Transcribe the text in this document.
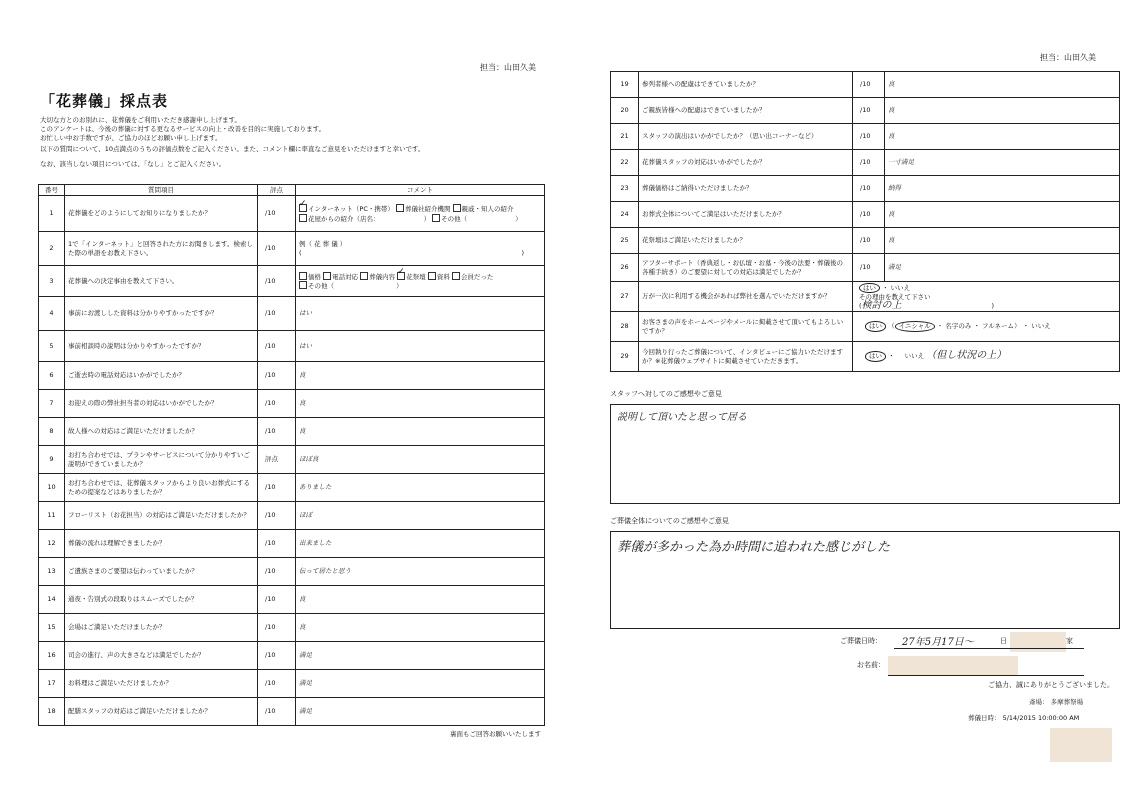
担当：山田久美
「花葬儀」採点表
大切な方とのお別れに、花葬儀をご利用いただき感謝申し上げます。
このアンケートは、今後の葬儀に対する更なるサービスの向上・改善を目的に実施しております。
お忙しい中お手数ですが、ご協力のほどお願い申し上げます。
以下の質問について、10点満点のうちの評価点数をご記入ください。また、コメント欄に率直なご意見をいただけますと幸いです。
なお、該当しない項目については、「なし」とご記入ください。
番号	質問項目	評点	コメント
1	花葬儀をどのようにしてお知りになりましたか？	/10	✓ インターネット（PC・携帯） 葬儀社紹介機関 親戚・知人の紹介
花屋からの紹介（店名： ） その他（ ）
2	1で「インターネット」と回答された方にお聞きします。検索した際の単語をお教え下さい。	/10	例（ 花 葬 儀 ）
( )
3	花葬儀への決定事由を教えて下さい。	/10	価格 電話対応 葬儀内容 ✓ 花祭壇 資料 会員だった
その他（ ）
4	事前にお渡しした資料は分かりやすかったですか？	/10	はい
5	事前相談時の説明は分かりやすかったですか？	/10	はい
6	ご逝去時の電話対応はいかがでしたか？	/10	良
7	お迎えの際の弊社担当者の対応はいかがでしたか？	/10	良
8	故人様への対応はご満足いただけましたか？	/10	良
9	お打ち合わせでは、プランやサービスについて分かりやすいご説明ができていましたか？	評点	ほぼ良
10	お打ち合わせでは、花葬儀スタッフからより良いお葬式にするための提案などはありましたか？	/10	ありました
11	フローリスト（お花担当）の対応はご満足いただけましたか？	/10	ほぼ
12	葬儀の流れは理解できましたか？	/10	出来ました
13	ご遺族さまのご要望は伝わっていましたか？	/10	伝って居たと思う
14	通夜・告別式の段取りはスムーズでしたか？	/10	良
15	会場はご満足いただけましたか？	/10	良
16	司会の進行、声の大きさなどは満足でしたか？	/10	満足
17	お料理はご満足いただけましたか？	/10	満足
18	配膳スタッフの対応はご満足いただけましたか？	/10	満足
裏面もご回答お願いいたします
担当：山田久美
19	参列者様への配慮はできていましたか？	/10	良
20	ご親族皆様への配慮はできていましたか？	/10	良
21	スタッフの演出はいかがでしたか？（思い出コーナーなど）	/10	良
22	花葬儀スタッフの対応はいかがでしたか？	/10	一寸満足
23	葬儀価格はご納得いただけましたか？	/10	納得
24	お葬式全体についてご満足はいただけましたか？	/10	良
25	花祭壇はご満足いただけましたか？	/10	良
26	アフターサポート（香典返し・お仏壇・お墓・今後の法要・葬儀後の各種手続き）のご要望に対しての対応は満足でしたか？	/10	満足
27	万が一次に利用する機会があれば弊社を選んでいただけますか？	はい ・ いいえ
その理由を教えて下さい
(検討の上 )	
28	お客さまの声をホームページやメールに掲載させて頂いてもよろしいですか？	はい （ イニシャル ・ 名字のみ ・ フルネーム） ・ いいえ	
29	今回執り行ったご葬儀について、インタビューにご協力いただけますか？※花葬儀ウェブサイトに掲載させていただきます。	はい ・ いいえ （但し状況の上）	
スタッフへ対してのご感想やご意見
説明して頂いたと思って居る
ご葬儀全体についてのご感想やご意見
葬儀が多かった為か時間に追われた感じがした
ご葬儀日時： 27年5月17日～	日	家
お名前：
ご協力、誠にありがとうございました。
斎場： 多摩葬祭場
葬儀日時： 5/14/2015 10:00:00 AM
